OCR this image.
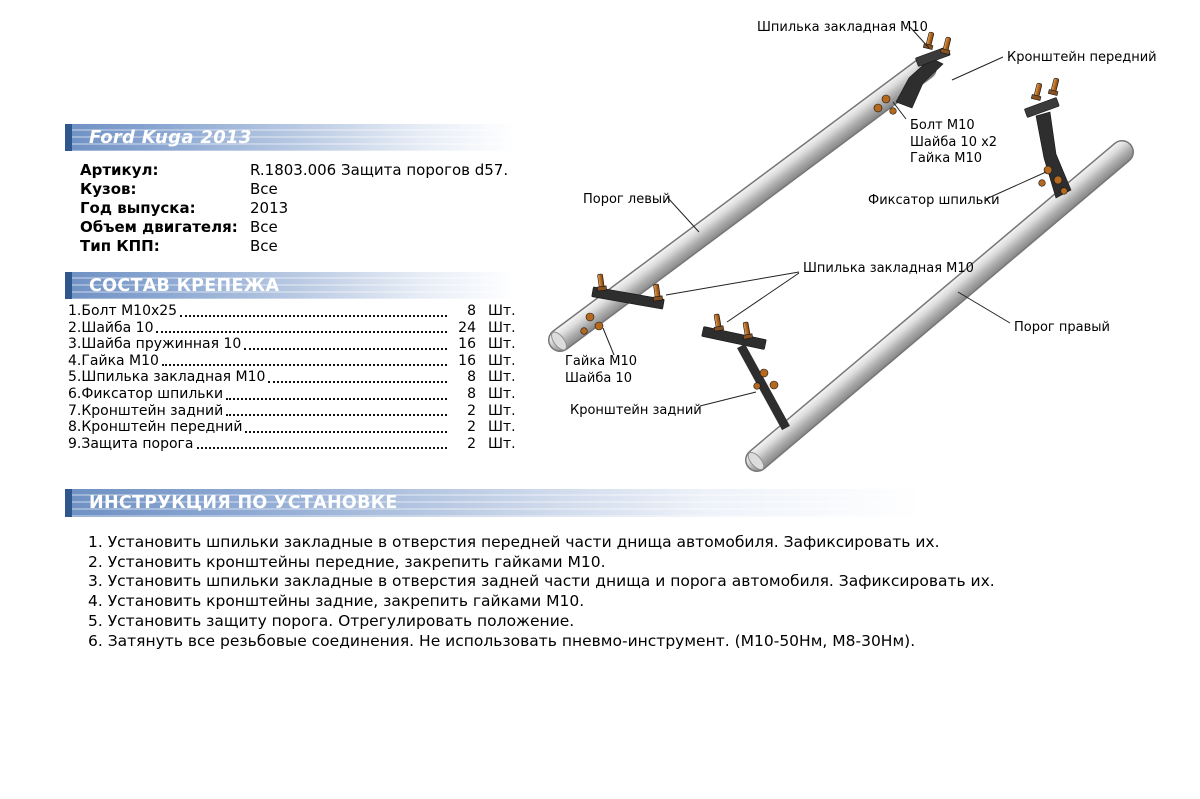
Шпилька закладная M10
Кронштейн передний
Болт M10
Шайба 10 x2
Гайка M10
Порог левый	Фиксатор шпильки
Шпилька закладная M10
Порог правый
Гайка M10
Шайба 10
Кронштейн задний
Ford Kuga 2013
Артикул:	R.1803.006 Защита порогов d57.
Кузов:	Все
Год выпуска:	2013
Объем двигателя: Все
Тип КПП:	Все
СОСТАВ КРЕПЕЖА
1.Болт M10x25	8 Шт.
2.Шайба 10	24 Шт.
3.Шайба пружинная 10	16 Шт.
4.Гайка M10	16 Шт.
5.Шпилька закладная M10	8 Шт.
6.Фиксатор шпильки	8 Шт.
7.Кронштейн задний	2 Шт.
8.Кронштейн передний	2 Шт.
9.Защита порога	2 Шт.
ИНСТРУКЦИЯ ПО УСТАНОВКЕ
1. Установить шпильки закладные в отверстия передней части днища автомобиля. Зафиксировать их.
2. Установить кронштейны передние, закрепить гайками M10.
3. Установить шпильки закладные в отверстия задней части днища и порога автомобиля. Зафиксировать их.
4. Установить кронштейны задние, закрепить гайками M10.
5. Установить защиту порога. Отрегулировать положение.
6. Затянуть все резьбовые соединения. Не использовать пневмо-инструмент. (M10-50Нм, M8-30Нм).
